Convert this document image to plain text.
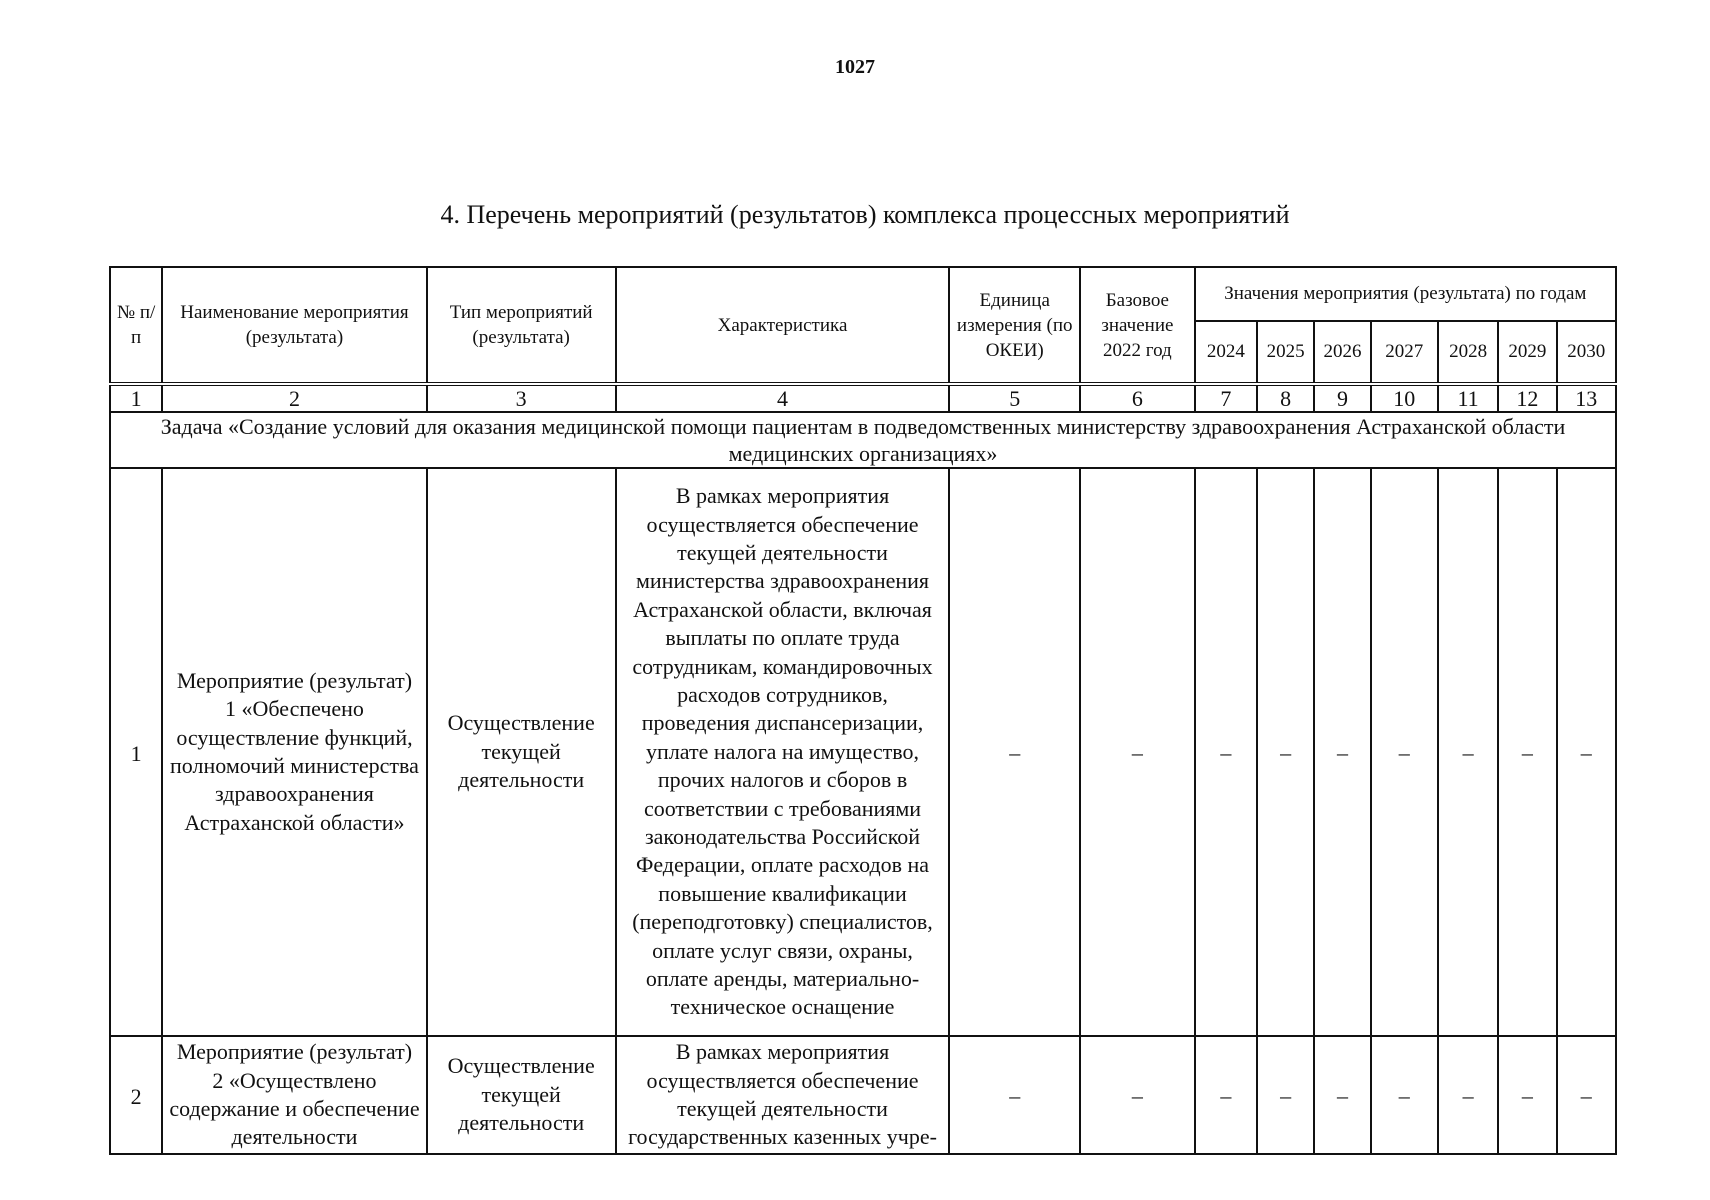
1027
4. Перечень мероприятий (результатов) комплекса процессных мероприятий
№ п/ п	Наименование мероприятия (результата)	Тип мероприятий (результата)	Характеристика	Единица измерения (по ОКЕИ)	Базовое значение 2022 год	Значения мероприятия (результата) по годам						
						2024	2025	2026	2027	2028	2029	2030
1	2	3	4	5	6	7	8	9	10	11	12	13
Задача «Создание условий для оказания медицинской помощи пациентам в подведомственных министерству здравоохранения Астраханской области медицинских организациях»												
1	Мероприятие (результат) 1 «Обеспечено осуществление функций, полномочий министерства здравоохранения Астраханской области»	Осуществление текущей деятельности	В рамках мероприятия осуществляется обеспечение текущей деятельности министерства здравоохранения Астраханской области, включая выплаты по оплате труда сотрудникам, командировочных расходов сотрудников, проведения диспансеризации, уплате налога на имущество, прочих налогов и сборов в соответствии с требованиями законодательства Российской Федерации, оплате расходов на повышение квалификации (переподготовку) специалистов, оплате услуг связи, охраны, оплате аренды, материально-техническое оснащение	–	–	–	–	–	–	–	–	–
2	Мероприятие (результат) 2 «Осуществлено содержание и обеспечение деятельности	Осуществление текущей деятельности	В рамках мероприятия осуществляется обеспечение текущей деятельности государственных казенных учре-	–	–	–	–	–	–	–	–	–
